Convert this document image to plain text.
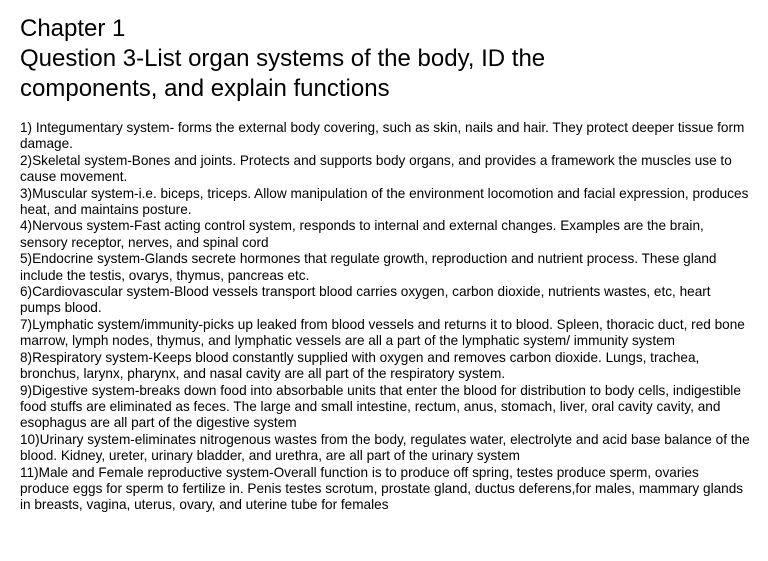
Chapter 1
Question 3-List organ systems of the body, ID the components, and explain functions
1) Integumentary system- forms the external body covering, such as skin, nails and hair. They protect deeper tissue form damage.
2)Skeletal system-Bones and joints. Protects and supports body organs, and provides a framework the muscles use to cause movement.
3)Muscular system-i.e. biceps, triceps. Allow manipulation of the environment locomotion and facial expression, produces heat, and maintains posture.
4)Nervous system-Fast acting control system, responds to internal and external changes. Examples are the brain, sensory receptor, nerves, and spinal cord
5)Endocrine system-Glands secrete hormones that regulate growth, reproduction and nutrient process. These gland include the testis, ovarys, thymus, pancreas etc.
6)Cardiovascular system-Blood vessels transport blood carries oxygen, carbon dioxide, nutrients wastes, etc, heart pumps blood.
7)Lymphatic system/immunity-picks up leaked from blood vessels and returns it to blood. Spleen, thoracic duct, red bone marrow, lymph nodes, thymus, and lymphatic vessels are all a part of the lymphatic system/ immunity system
8)Respiratory system-Keeps blood constantly supplied with oxygen and removes carbon dioxide. Lungs, trachea, bronchus, larynx, pharynx, and nasal cavity are all part of the respiratory system.
9)Digestive system-breaks down food into absorbable units that enter the blood for distribution to body cells, indigestible food stuffs are eliminated as feces. The large and small intestine, rectum, anus, stomach, liver, oral cavity cavity, and esophagus are all part of the digestive system
10)Urinary system-eliminates nitrogenous wastes from the body, regulates water, electrolyte and acid base balance of the blood. Kidney, ureter, urinary bladder, and urethra, are all part of the urinary system
11)Male and Female reproductive system-Overall function is to produce off spring, testes produce sperm, ovaries produce eggs for sperm to fertilize in. Penis testes scrotum, prostate gland, ductus deferens,for males, mammary glands in breasts, vagina, uterus, ovary, and uterine tube for females
